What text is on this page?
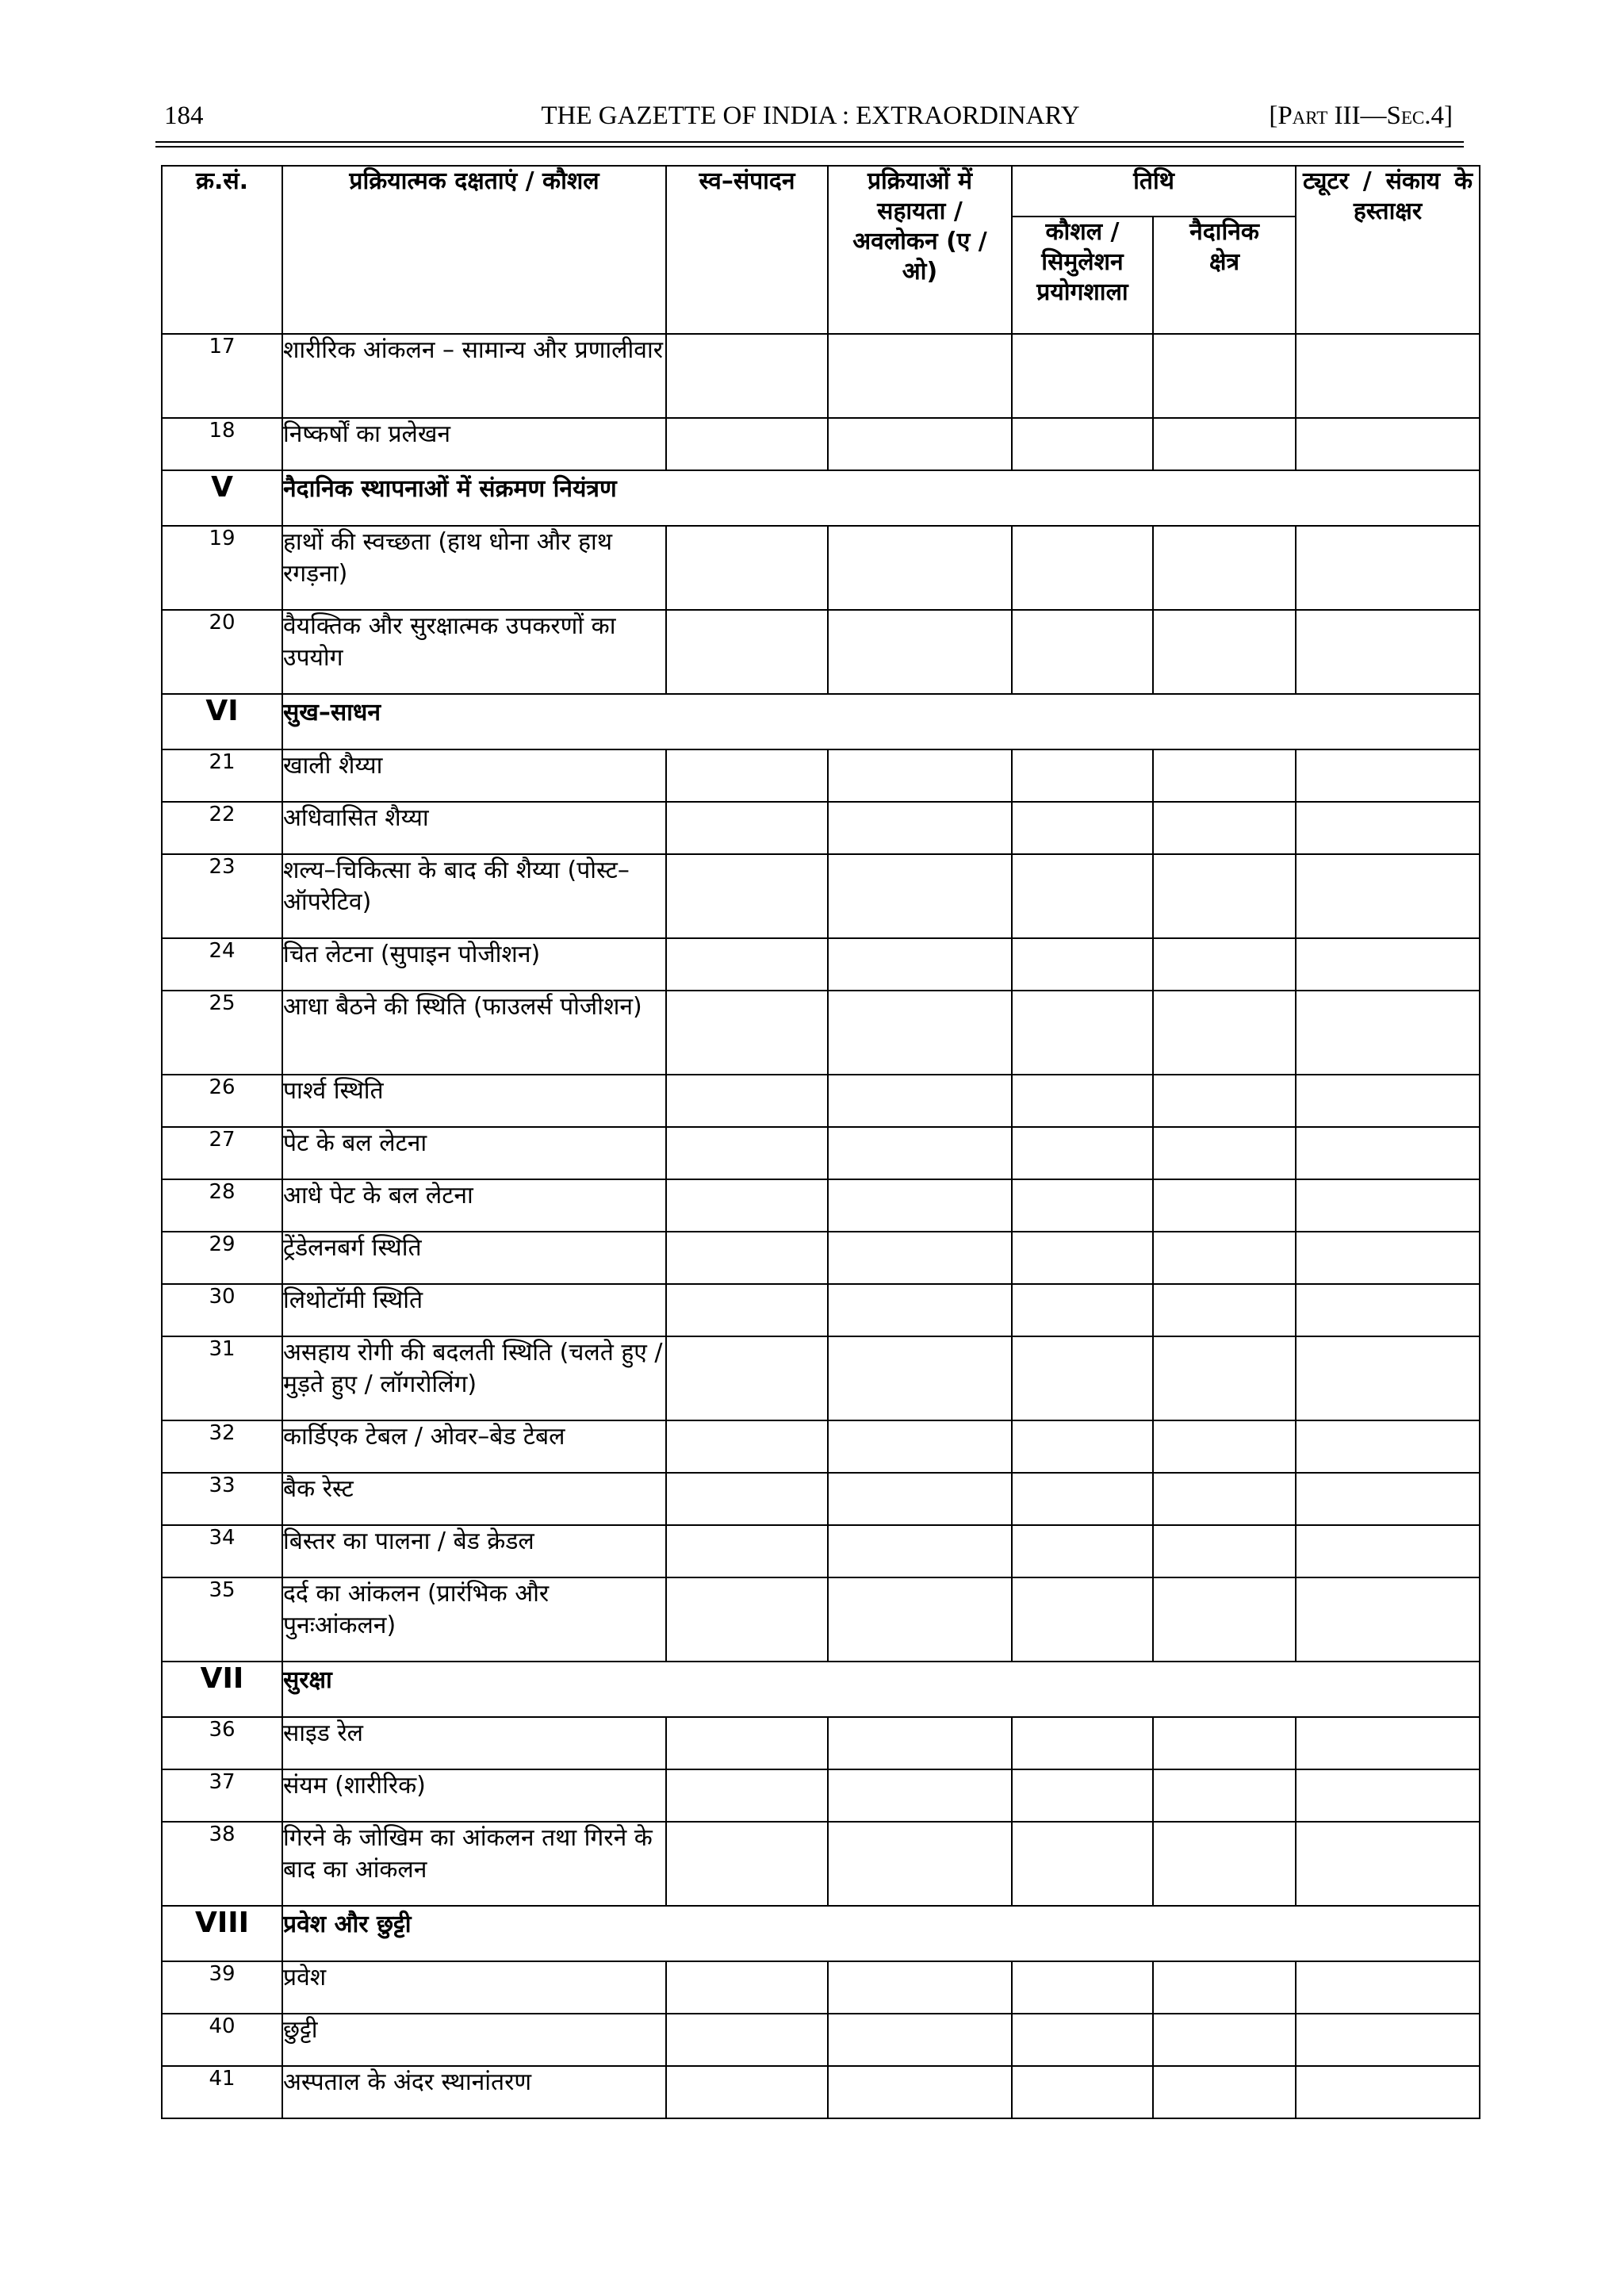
184	THE GAZETTE OF INDIA : EXTRAORDINARY	[Part III—Sec.4]
क्र.सं.	प्रक्रियात्मक दक्षताएं / कौशल	स्व–संपादन	प्रक्रियाओं में सहायता / अवलोकन (ए / ओ)	तिथि		ट्यूटर / संकाय के हस्ताक्षर
				कौशल / सिमुलेशन प्रयोगशाला	नैदानिक क्षेत्र	
17	शारीरिक आंकलन – सामान्य और प्रणालीवार					
18	निष्कर्षों का प्रलेखन					
V	नैदानिक स्थापनाओं में संक्रमण नियंत्रण					
19	हाथों की स्वच्छता (हाथ धोना और हाथ रगड़ना)					
20	वैयक्तिक और सुरक्षात्मक उपकरणों का उपयोग					
VI	सुख–साधन					
21	खाली शैय्या					
22	अधिवासित शैय्या					
23	शल्य–चिकित्सा के बाद की शैय्या (पोस्ट–ऑपरेटिव)					
24	चित लेटना (सुपाइन पोजीशन)					
25	आधा बैठने की स्थिति (फाउलर्स पोजीशन)					
26	पार्श्व स्थिति					
27	पेट के बल लेटना					
28	आधे पेट के बल लेटना					
29	ट्रेंडेलनबर्ग स्थिति					
30	लिथोटॉमी स्थिति					
31	असहाय रोगी की बदलती स्थिति (चलते हुए / मुड़ते हुए / लॉगरोलिंग)					
32	कार्डिएक टेबल / ओवर–बेड टेबल					
33	बैक रेस्ट					
34	बिस्तर का पालना / बेड क्रेडल					
35	दर्द का आंकलन (प्रारंभिक और पुनःआंकलन)					
VII	सुरक्षा					
36	साइड रेल					
37	संयम (शारीरिक)					
38	गिरने के जोखिम का आंकलन तथा गिरने के बाद का आंकलन					
VIII	प्रवेश और छुट्टी					
39	प्रवेश					
40	छुट्टी					
41	अस्पताल के अंदर स्थानांतरण					
